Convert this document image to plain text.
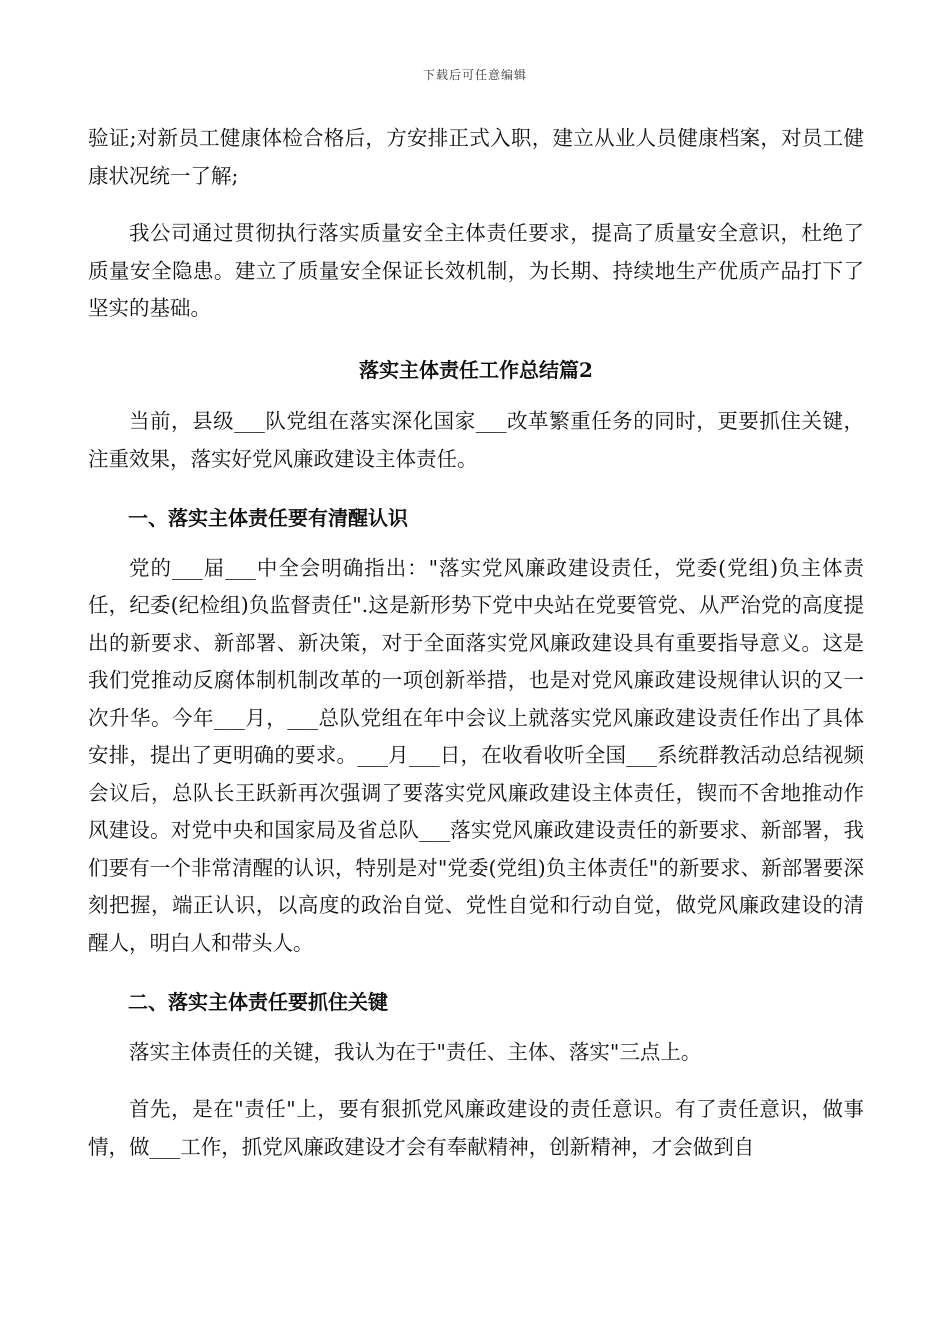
下载后可任意编辑

验证;对新员工健康体检合格后，方安排正式入职，建立从业人员健康档案，对员工健康状况统一了解;

我公司通过贯彻执行落实质量安全主体责任要求，提高了质量安全意识，杜绝了质量安全隐患。建立了质量安全保证长效机制，为长期、持续地生产优质产品打下了坚实的基础。

落实主体责任工作总结篇2

当前，县级___队党组在落实深化国家___改革繁重任务的同时，更要抓住关键，注重效果，落实好党风廉政建设主体责任。

一、落实主体责任要有清醒认识

党的___届___中全会明确指出："落实党风廉政建设责任，党委(党组)负主体责任，纪委(纪检组)负监督责任".这是新形势下党中央站在党要管党、从严治党的高度提出的新要求、新部署、新决策，对于全面落实党风廉政建设具有重要指导意义。这是我们党推动反腐体制机制改革的一项创新举措，也是对党风廉政建设规律认识的又一次升华。今年___月，___总队党组在年中会议上就落实党风廉政建设责任作出了具体安排，提出了更明确的要求。___月___日，在收看收听全国___系统群教活动总结视频会议后，总队长王跃新再次强调了要落实党风廉政建设主体责任，锲而不舍地推动作风建设。对党中央和国家局及省总队___落实党风廉政建设责任的新要求、新部署，我们要有一个非常清醒的认识，特别是对"党委(党组)负主体责任"的新要求、新部署要深刻把握，端正认识，以高度的政治自觉、党性自觉和行动自觉，做党风廉政建设的清醒人，明白人和带头人。

二、落实主体责任要抓住关键

落实主体责任的关键，我认为在于"责任、主体、落实"三点上。

首先，是在"责任"上，要有狠抓党风廉政建设的责任意识。有了责任意识，做事情，做___工作，抓党风廉政建设才会有奉献精神，创新精神，才会做到自
